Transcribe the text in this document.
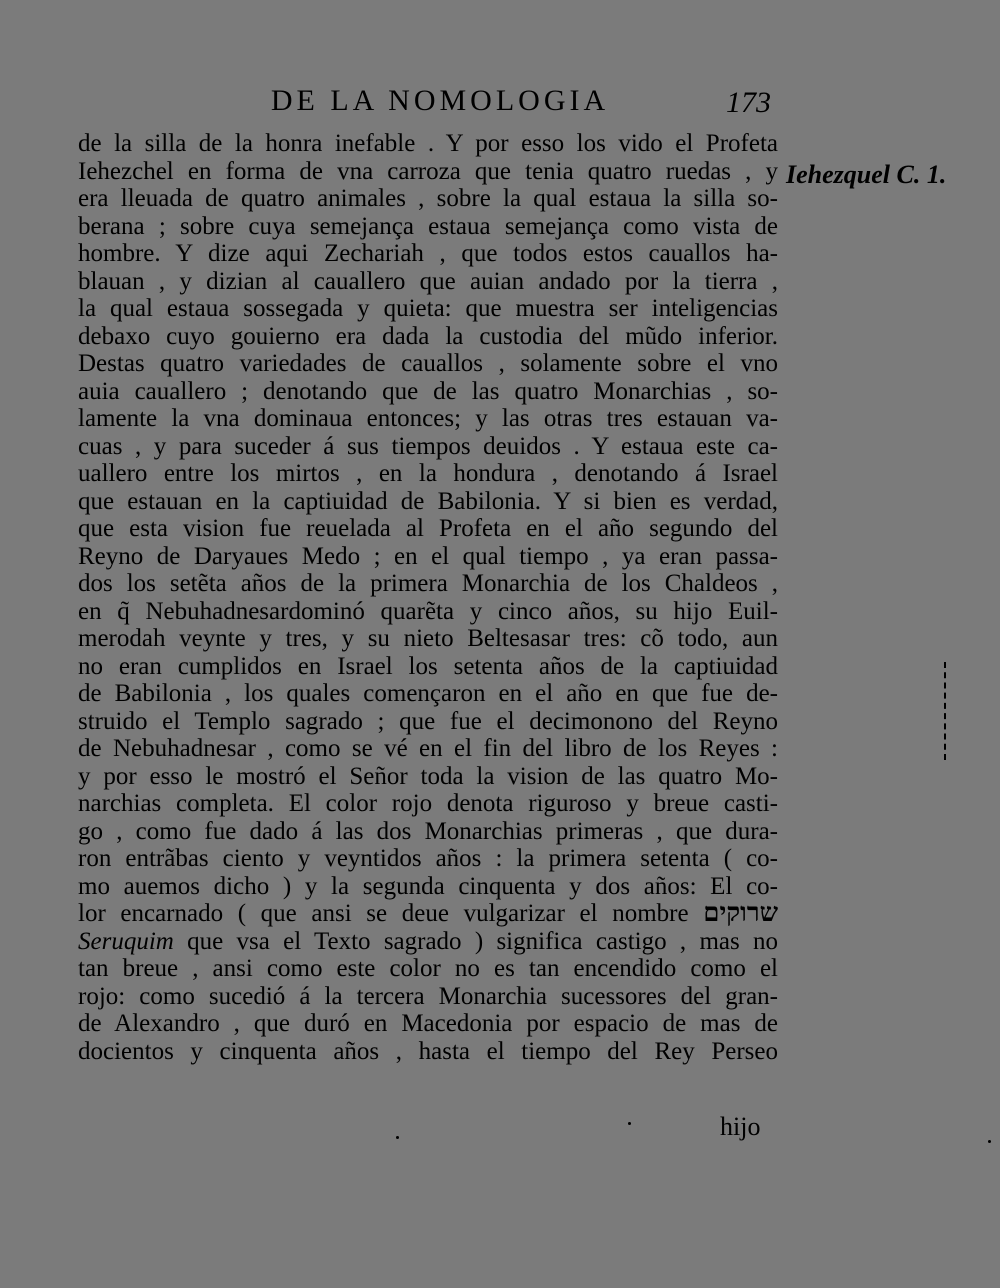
DE LA NOMOLOGIA	173
Iehezquel C. 1.
de la silla de la honra inefable . Y por esso los vido el Profeta
Iehezchel en forma de vna carroza que tenia quatro ruedas , y
era lleuada de quatro animales , sobre la qual estaua la silla so-
berana ; sobre cuya semejança estaua semejança como vista de
hombre. Y dize aqui Zechariah , que todos estos cauallos ha-
blauan , y dizian al cauallero que auian andado por la tierra ,
la qual estaua sossegada y quieta: que muestra ser inteligencias
debaxo cuyo gouierno era dada la custodia del mũdo inferior.
Destas quatro variedades de cauallos , solamente sobre el vno
auia cauallero ; denotando que de las quatro Monarchias , so-
lamente la vna dominaua entonces; y las otras tres estauan va-
cuas , y para suceder á sus tiempos deuidos . Y estaua este ca-
uallero entre los mirtos , en la hondura , denotando á Israel
que estauan en la captiuidad de Babilonia. Y si bien es verdad,
que esta vision fue reuelada al Profeta en el año segundo del
Reyno de Daryaues Medo ; en el qual tiempo , ya eran passa-
dos los setẽta años de la primera Monarchia de los Chaldeos ,
en q̃ Nebuhadnesardominó quarẽta y cinco años, su hijo Euil-
merodah veynte y tres, y su nieto Beltesasar tres: cõ todo, aun
no eran cumplidos en Israel los setenta años de la captiuidad
de Babilonia , los quales començaron en el año en que fue de-
struido el Templo sagrado ; que fue el decimonono del Reyno
de Nebuhadnesar , como se vé en el fin del libro de los Reyes :
y por esso le mostró el Señor toda la vision de las quatro Mo-
narchias completa. El color rojo denota riguroso y breue casti-
go , como fue dado á las dos Monarchias primeras , que dura-
ron entrãbas ciento y veyntidos años : la primera setenta ( co-
mo auemos dicho ) y la segunda cinquenta y dos años: El co-
lor encarnado ( que ansi se deue vulgarizar el nombre שרוקים
Seruquim que vsa el Texto sagrado ) significa castigo , mas no
tan breue , ansi como este color no es tan encendido como el
rojo: como sucedió á la tercera Monarchia sucessores del gran-
de Alexandro , que duró en Macedonia por espacio de mas de
docientos y cinquenta años , hasta el tiempo del Rey Perseo
hijo
